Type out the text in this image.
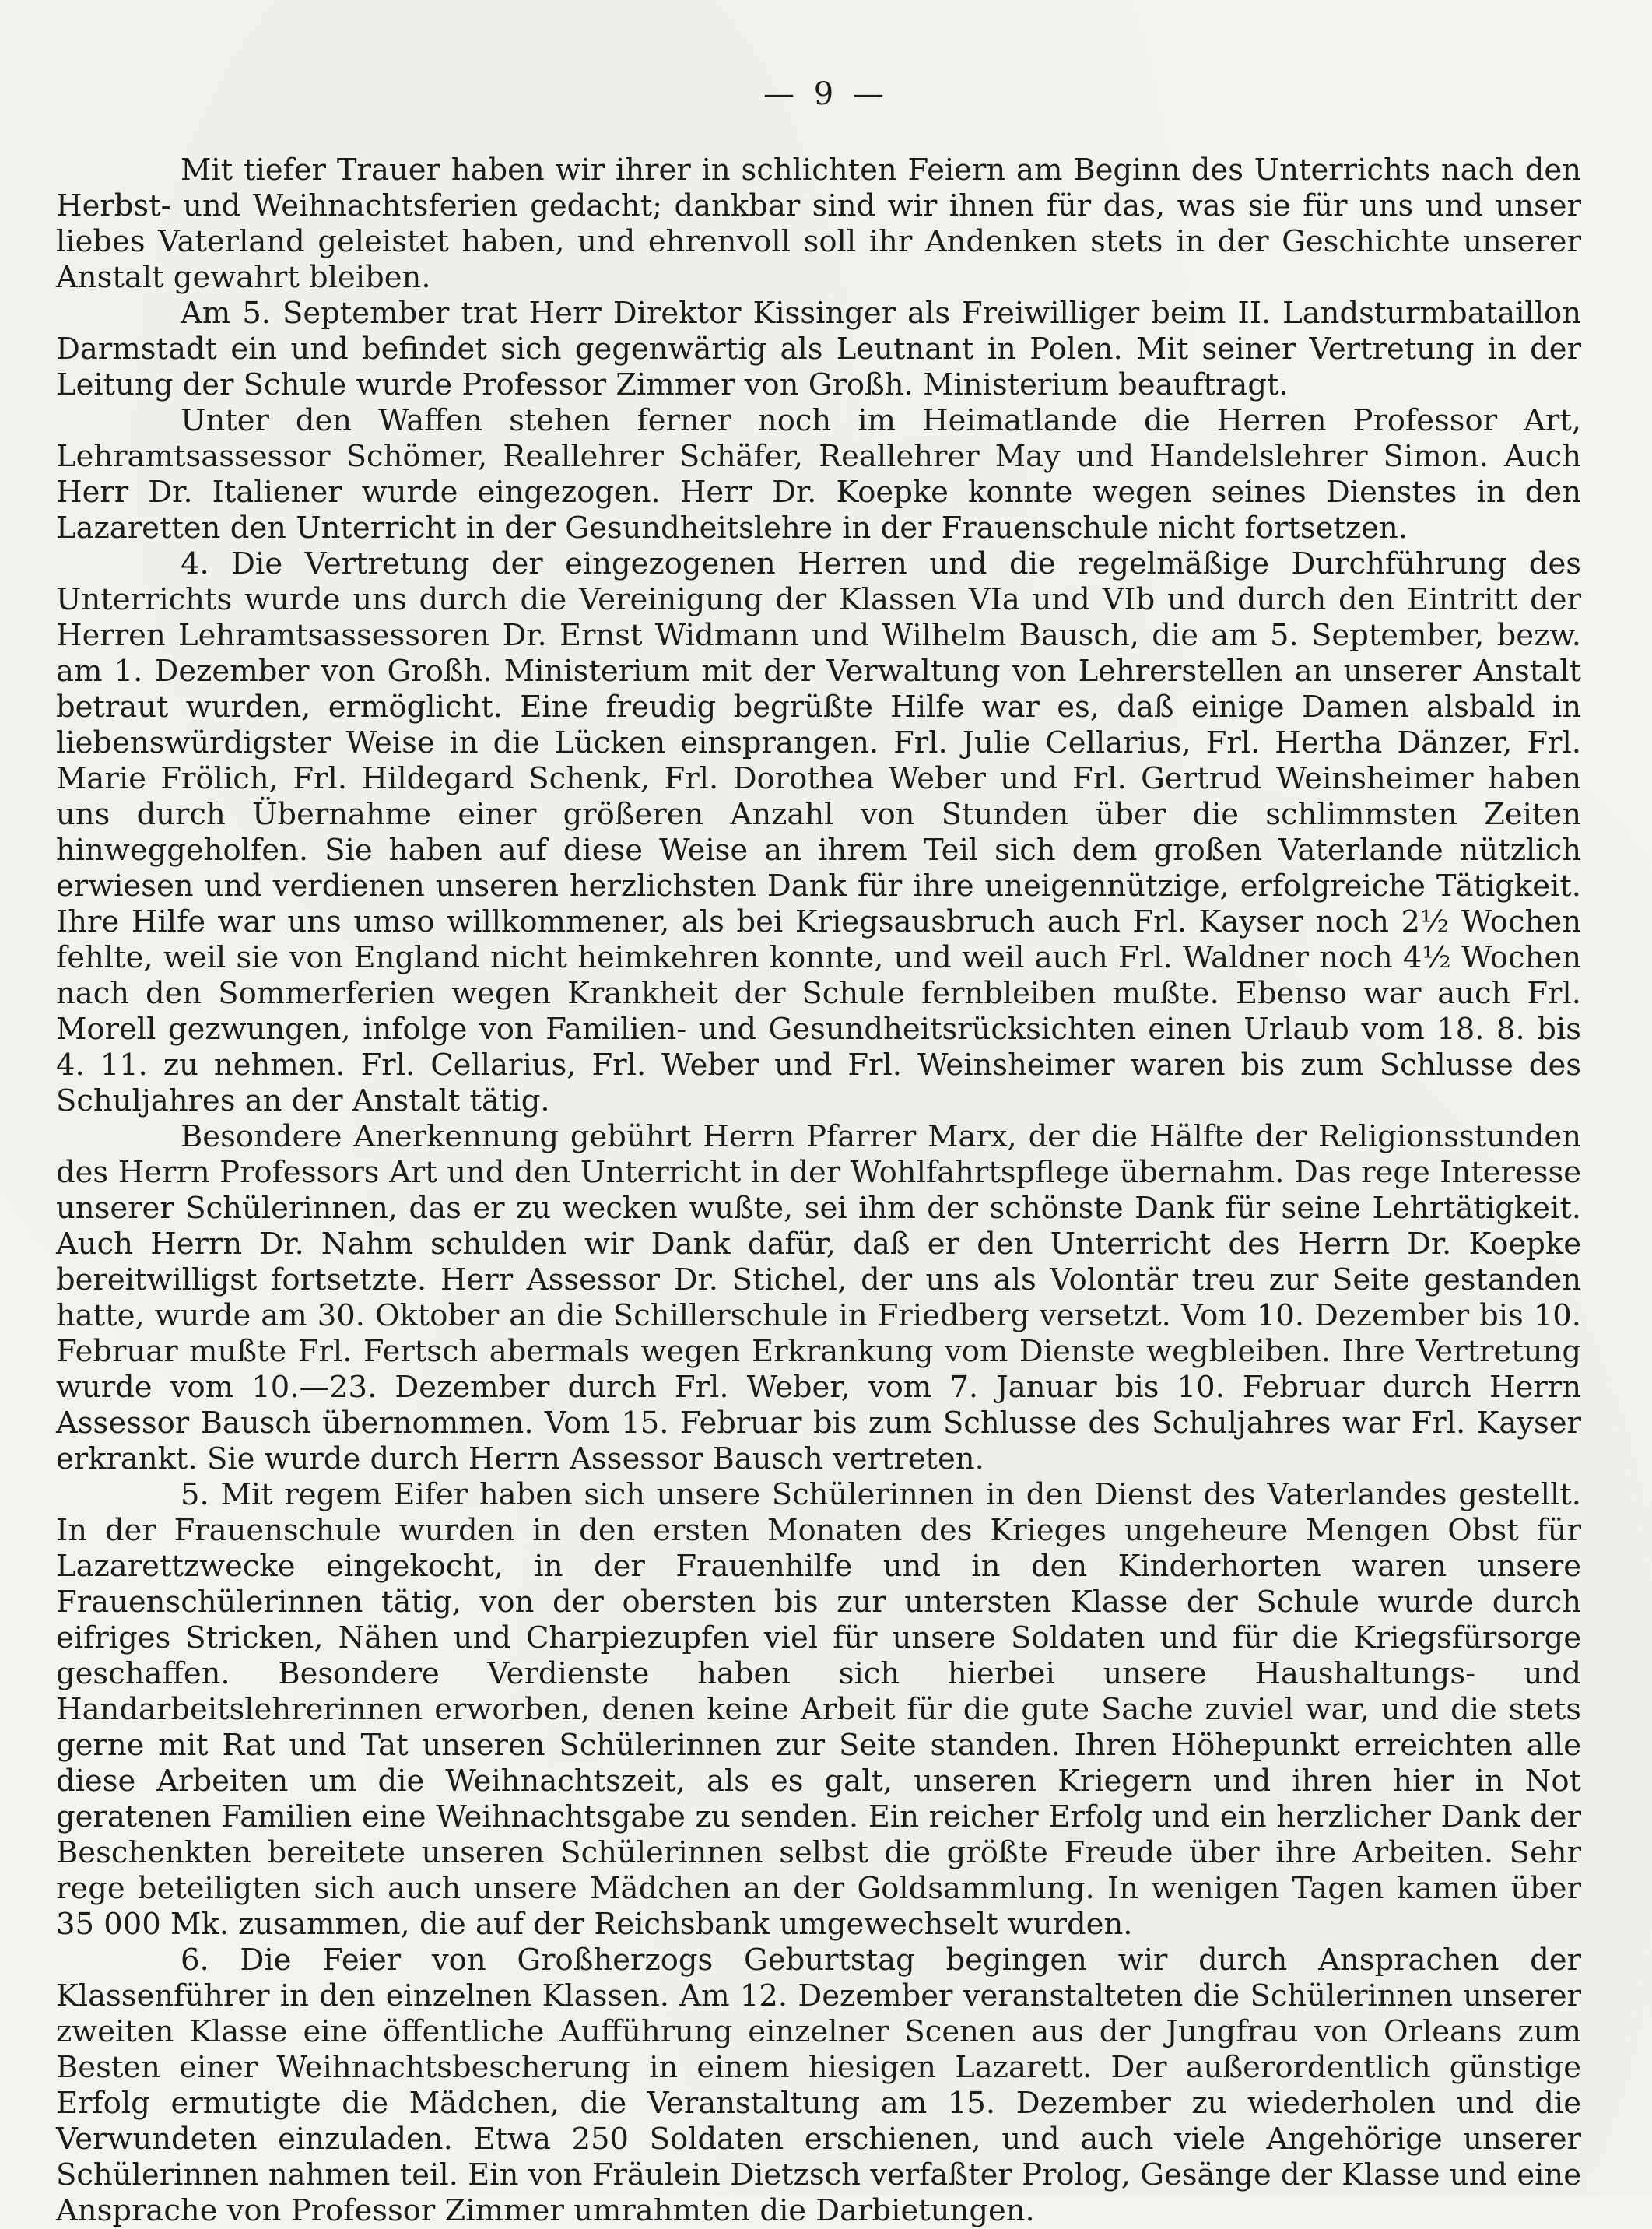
— 9 —

Mit tiefer Trauer haben wir ihrer in schlichten Feiern am Beginn des Unterrichts nach den Herbst- und Weihnachtsferien gedacht; dankbar sind wir ihnen für das, was sie für uns und unser liebes Vaterland geleistet haben, und ehrenvoll soll ihr Andenken stets in der Geschichte unserer Anstalt gewahrt bleiben.

Am 5. September trat Herr Direktor Kissinger als Freiwilliger beim II. Landsturmbataillon Darmstadt ein und befindet sich gegenwärtig als Leutnant in Polen. Mit seiner Vertretung in der Leitung der Schule wurde Professor Zimmer von Großh. Ministerium beauftragt.

Unter den Waffen stehen ferner noch im Heimatlande die Herren Professor Art, Lehramtsassessor Schömer, Reallehrer Schäfer, Reallehrer May und Handelslehrer Simon. Auch Herr Dr. Italiener wurde eingezogen. Herr Dr. Koepke konnte wegen seines Dienstes in den Lazaretten den Unterricht in der Gesundheitslehre in der Frauenschule nicht fortsetzen.

4. Die Vertretung der eingezogenen Herren und die regelmäßige Durchführung des Unterrichts wurde uns durch die Vereinigung der Klassen VIa und VIb und durch den Eintritt der Herren Lehramtsassessoren Dr. Ernst Widmann und Wilhelm Bausch, die am 5. September, bezw. am 1. Dezember von Großh. Ministerium mit der Verwaltung von Lehrerstellen an unserer Anstalt betraut wurden, ermöglicht. Eine freudig begrüßte Hilfe war es, daß einige Damen alsbald in liebenswürdigster Weise in die Lücken einsprangen. Frl. Julie Cellarius, Frl. Hertha Dänzer, Frl. Marie Frölich, Frl. Hildegard Schenk, Frl. Dorothea Weber und Frl. Gertrud Weinsheimer haben uns durch Übernahme einer größeren Anzahl von Stunden über die schlimmsten Zeiten hinweggeholfen. Sie haben auf diese Weise an ihrem Teil sich dem großen Vaterlande nützlich erwiesen und verdienen unseren herzlichsten Dank für ihre uneigennützige, erfolgreiche Tätigkeit. Ihre Hilfe war uns umso willkommener, als bei Kriegsausbruch auch Frl. Kayser noch 2½ Wochen fehlte, weil sie von England nicht heimkehren konnte, und weil auch Frl. Waldner noch 4½ Wochen nach den Sommerferien wegen Krankheit der Schule fernbleiben mußte. Ebenso war auch Frl. Morell gezwungen, infolge von Familien- und Gesundheitsrücksichten einen Urlaub vom 18. 8. bis 4. 11. zu nehmen. Frl. Cellarius, Frl. Weber und Frl. Weinsheimer waren bis zum Schlusse des Schuljahres an der Anstalt tätig.

Besondere Anerkennung gebührt Herrn Pfarrer Marx, der die Hälfte der Religionsstunden des Herrn Professors Art und den Unterricht in der Wohlfahrtspflege übernahm. Das rege Interesse unserer Schülerinnen, das er zu wecken wußte, sei ihm der schönste Dank für seine Lehrtätigkeit. Auch Herrn Dr. Nahm schulden wir Dank dafür, daß er den Unterricht des Herrn Dr. Koepke bereitwilligst fortsetzte. Herr Assessor Dr. Stichel, der uns als Volontär treu zur Seite gestanden hatte, wurde am 30. Oktober an die Schillerschule in Friedberg versetzt. Vom 10. Dezember bis 10. Februar mußte Frl. Fertsch abermals wegen Erkrankung vom Dienste wegbleiben. Ihre Vertretung wurde vom 10.—23. Dezember durch Frl. Weber, vom 7. Januar bis 10. Februar durch Herrn Assessor Bausch übernommen. Vom 15. Februar bis zum Schlusse des Schuljahres war Frl. Kayser erkrankt. Sie wurde durch Herrn Assessor Bausch vertreten.

5. Mit regem Eifer haben sich unsere Schülerinnen in den Dienst des Vaterlandes gestellt. In der Frauenschule wurden in den ersten Monaten des Krieges ungeheure Mengen Obst für Lazarettzwecke eingekocht, in der Frauenhilfe und in den Kinderhorten waren unsere Frauenschülerinnen tätig, von der obersten bis zur untersten Klasse der Schule wurde durch eifriges Stricken, Nähen und Charpiezupfen viel für unsere Soldaten und für die Kriegsfürsorge geschaffen. Besondere Verdienste haben sich hierbei unsere Haushaltungs- und Handarbeitslehrerinnen erworben, denen keine Arbeit für die gute Sache zuviel war, und die stets gerne mit Rat und Tat unseren Schülerinnen zur Seite standen. Ihren Höhepunkt erreichten alle diese Arbeiten um die Weihnachtszeit, als es galt, unseren Kriegern und ihren hier in Not geratenen Familien eine Weihnachtsgabe zu senden. Ein reicher Erfolg und ein herzlicher Dank der Beschenkten bereitete unseren Schülerinnen selbst die größte Freude über ihre Arbeiten. Sehr rege beteiligten sich auch unsere Mädchen an der Goldsammlung. In wenigen Tagen kamen über 35 000 Mk. zusammen, die auf der Reichsbank umgewechselt wurden.

6. Die Feier von Großherzogs Geburtstag begingen wir durch Ansprachen der Klassenführer in den einzelnen Klassen. Am 12. Dezember veranstalteten die Schülerinnen unserer zweiten Klasse eine öffentliche Aufführung einzelner Scenen aus der Jungfrau von Orleans zum Besten einer Weihnachtsbescherung in einem hiesigen Lazarett. Der außerordentlich günstige Erfolg ermutigte die Mädchen, die Veranstaltung am 15. Dezember zu wiederholen und die Verwundeten einzuladen. Etwa 250 Soldaten erschienen, und auch viele Angehörige unserer Schülerinnen nahmen teil. Ein von Fräulein Dietzsch verfaßter Prolog, Gesänge der Klasse und eine Ansprache von Professor Zimmer umrahmten die Darbietungen.
